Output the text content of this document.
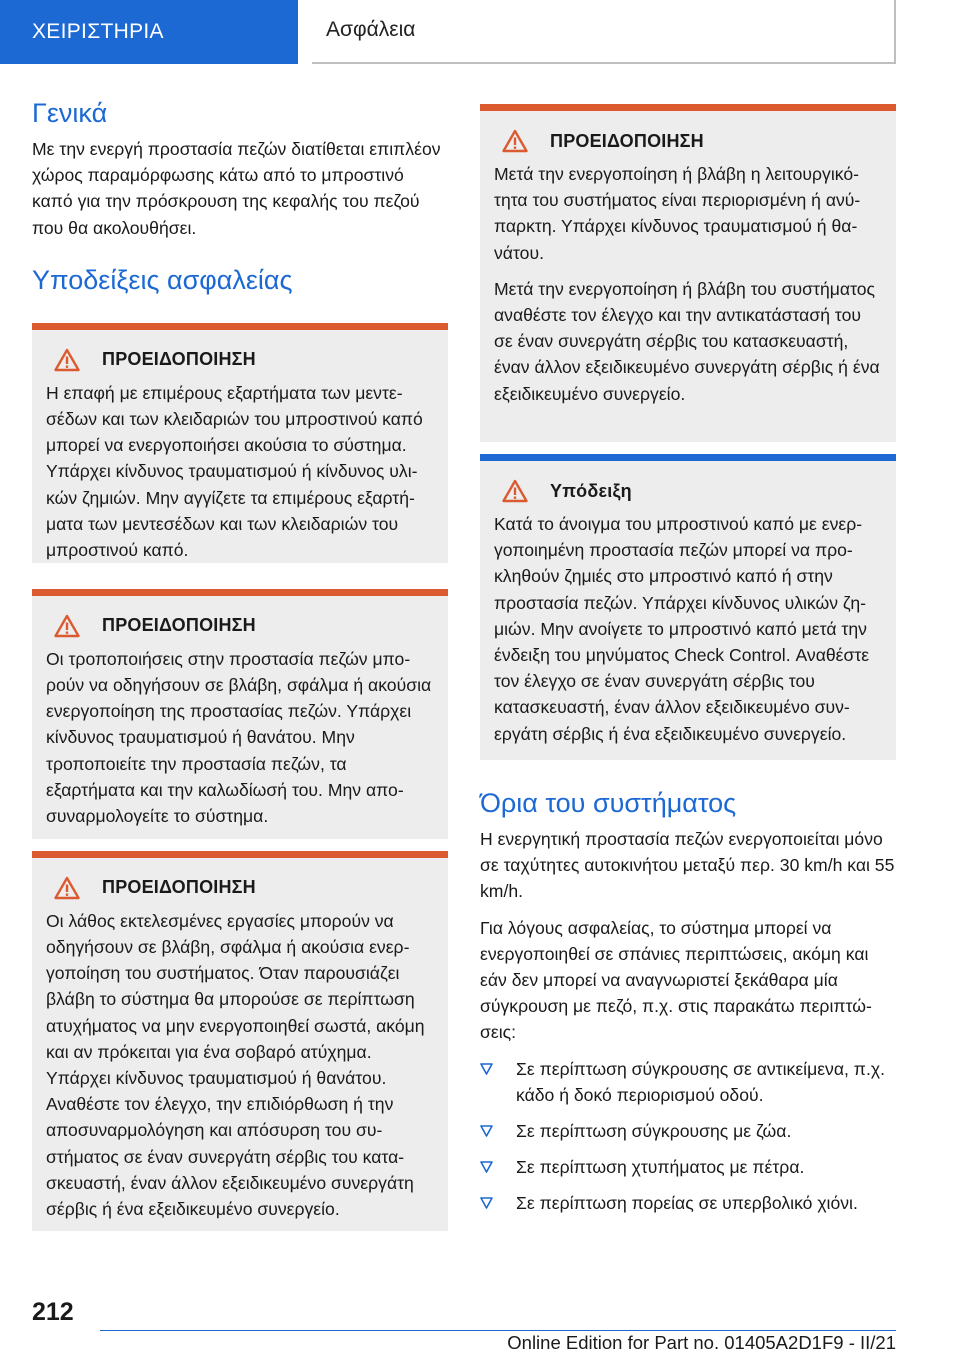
ΧΕΙΡΙΣΤΗΡΙΑ	Ασφάλεια
Γενικά

Με την ενεργή προστασία πεζών διατίθεται επιπλέον χώρος παραμόρφωσης κάτω από το μπροστινό καπό για την πρόσκρουση της κεφαλής του πεζού που θα ακολουθήσει.

Υποδείξεις ασφαλείας
ΠΡΟΕΙΔΟΠΟΙΗΣΗ

Η επαφή με επιμέρους εξαρτήματα των μεντεσέδων και των κλειδαριών του μπροστινού καπό μπορεί να ενεργοποιήσει ακούσια το σύστημα. Υπάρχει κίνδυνος τραυματισμού ή κίνδυνος υλικών ζημιών. Μην αγγίζετε τα επιμέρους εξαρτήματα των μεντεσέδων και των κλειδαριών του μπροστινού καπό.

ΠΡΟΕΙΔΟΠΟΙΗΣΗ

Οι τροποποιήσεις στην προστασία πεζών μπορούν να οδηγήσουν σε βλάβη, σφάλμα ή ακούσια ενεργοποίηση της προστασίας πεζών. Υπάρχει κίνδυνος τραυματισμού ή θανάτου. Μην τροποποιείτε την προστασία πεζών, τα εξαρτήματα και την καλωδίωσή του. Μην αποσυναρμολογείτε το σύστημα.

ΠΡΟΕΙΔΟΠΟΙΗΣΗ

Οι λάθος εκτελεσμένες εργασίες μπορούν να οδηγήσουν σε βλάβη, σφάλμα ή ακούσια ενεργοποίηση του συστήματος. Όταν παρουσιάζει βλάβη το σύστημα θα μπορούσε σε περίπτωση ατυχήματος να μην ενεργοποιηθεί σωστά, ακόμη και αν πρόκειται για ένα σοβαρό ατύχημα. Υπάρχει κίνδυνος τραυματισμού ή θανάτου. Αναθέστε τον έλεγχο, την επιδιόρθωση ή την αποσυναρμολόγηση και απόσυρση του συστήματος σε έναν συνεργάτη σέρβις του κατασκευαστή, έναν άλλον εξειδικευμένο συνεργάτη σέρβις ή ένα εξειδικευμένο συνεργείο.

ΠΡΟΕΙΔΟΠΟΙΗΣΗ

Μετά την ενεργοποίηση ή βλάβη η λειτουργικότητα του συστήματος είναι περιορισμένη ή ανύπαρκτη. Υπάρχει κίνδυνος τραυματισμού ή θανάτου.

Μετά την ενεργοποίηση ή βλάβη του συστήματος αναθέστε τον έλεγχο και την αντικατάστασή του σε έναν συνεργάτη σέρβις του κατασκευαστή, έναν άλλον εξειδικευμένο συνεργάτη σέρβις ή ένα εξειδικευμένο συνεργείο.

Υπόδειξη

Κατά το άνοιγμα του μπροστινού καπό με ενεργοποιημένη προστασία πεζών μπορεί να προκληθούν ζημιές στο μπροστινό καπό ή στην προστασία πεζών. Υπάρχει κίνδυνος υλικών ζημιών. Μην ανοίγετε το μπροστινό καπό μετά την ένδειξη του μηνύματος Check Control. Αναθέστε τον έλεγχο σε έναν συνεργάτη σέρβις του κατασκευαστή, έναν άλλον εξειδικευμένο συνεργάτη σέρβις ή ένα εξειδικευμένο συνεργείο.

Όρια του συστήματος

Η ενεργητική προστασία πεζών ενεργοποιείται μόνο σε ταχύτητες αυτοκινήτου μεταξύ περ. 30 km/h και 55 km/h.

Για λόγους ασφαλείας, το σύστημα μπορεί να ενεργοποιηθεί σε σπάνιες περιπτώσεις, ακόμη και εάν δεν μπορεί να αναγνωριστεί ξεκάθαρα μία σύγκρουση με πεζό, π.χ. στις παρακάτω περιπτώσεις:

Σε περίπτωση σύγκρουσης σε αντικείμενα, π.χ. κάδο ή δοκό περιορισμού οδού.
Σε περίπτωση σύγκρουσης με ζώα.
Σε περίπτωση χτυπήματος με πέτρα.
Σε περίπτωση πορείας σε υπερβολικό χιόνι.
212
Online Edition for Part no. 01405A2D1F9 - II/21
